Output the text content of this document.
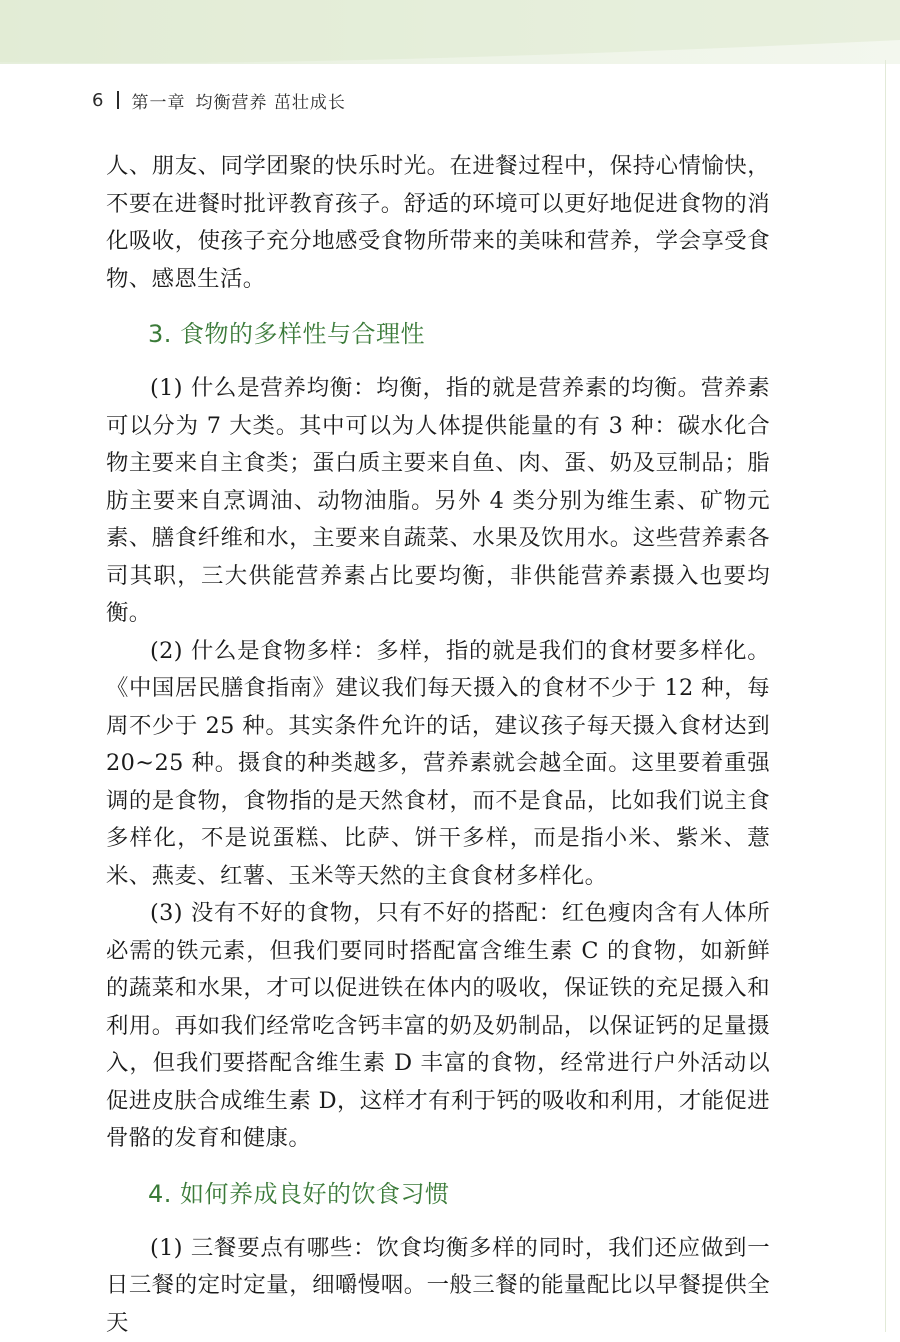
6 第一章 均衡营养 茁壮成长

人、朋友、同学团聚的快乐时光。在进餐过程中，保持心情愉快，不要在进餐时批评教育孩子。舒适的环境可以更好地促进食物的消化吸收，使孩子充分地感受食物所带来的美味和营养，学会享受食物、感恩生活。

3. 食物的多样性与合理性

(1) 什么是营养均衡：均衡，指的就是营养素的均衡。营养素可以分为 7 大类。其中可以为人体提供能量的有 3 种：碳水化合物主要来自主食类；蛋白质主要来自鱼、肉、蛋、奶及豆制品；脂肪主要来自烹调油、动物油脂。另外 4 类分别为维生素、矿物元素、膳食纤维和水，主要来自蔬菜、水果及饮用水。这些营养素各司其职，三大供能营养素占比要均衡，非供能营养素摄入也要均衡。

(2) 什么是食物多样：多样，指的就是我们的食材要多样化。《中国居民膳食指南》建议我们每天摄入的食材不少于 12 种，每周不少于 25 种。其实条件允许的话，建议孩子每天摄入食材达到 20~25 种。摄食的种类越多，营养素就会越全面。这里要着重强调的是食物，食物指的是天然食材，而不是食品，比如我们说主食多样化，不是说蛋糕、比萨、饼干多样，而是指小米、紫米、薏米、燕麦、红薯、玉米等天然的主食食材多样化。

(3) 没有不好的食物，只有不好的搭配：红色瘦肉含有人体所必需的铁元素，但我们要同时搭配富含维生素 C 的食物，如新鲜的蔬菜和水果，才可以促进铁在体内的吸收，保证铁的充足摄入和利用。再如我们经常吃含钙丰富的奶及奶制品，以保证钙的足量摄入，但我们要搭配含维生素 D 丰富的食物，经常进行户外活动以促进皮肤合成维生素 D，这样才有利于钙的吸收和利用，才能促进骨骼的发育和健康。

4. 如何养成良好的饮食习惯

(1) 三餐要点有哪些：饮食均衡多样的同时，我们还应做到一日三餐的定时定量，细嚼慢咽。一般三餐的能量配比以早餐提供全天
